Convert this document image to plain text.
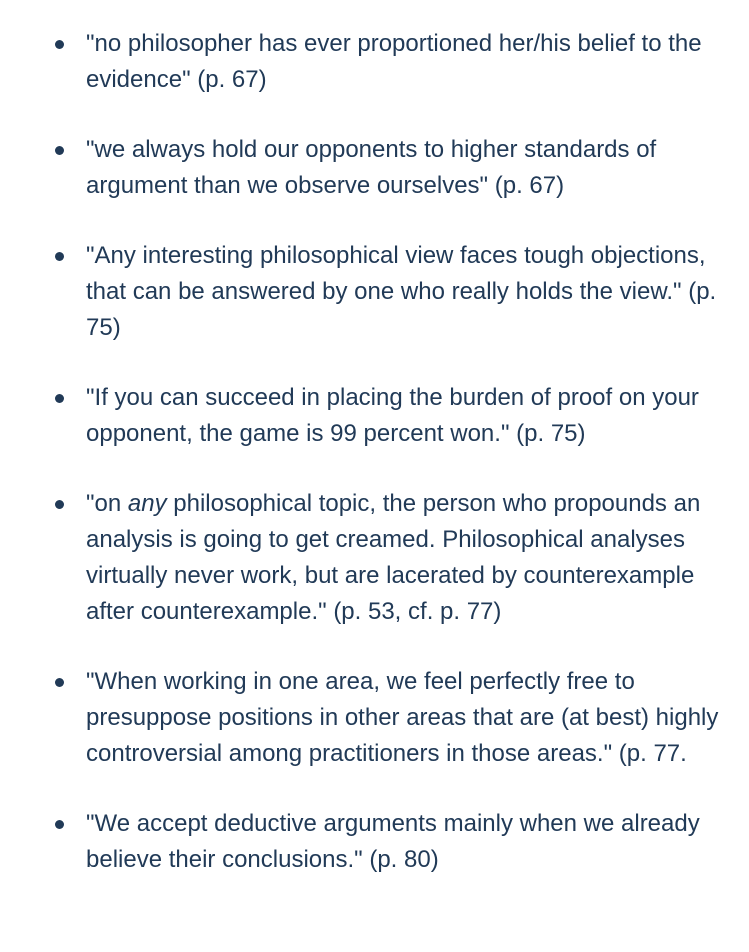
"no philosopher has ever proportioned her/his belief to the evidence" (p. 67)
"we always hold our opponents to higher standards of argument than we observe ourselves" (p. 67)
"Any interesting philosophical view faces tough objections, that can be answered by one who really holds the view." (p. 75)
"If you can succeed in placing the burden of proof on your opponent, the game is 99 percent won." (p. 75)
"on any philosophical topic, the person who propounds an analysis is going to get creamed. Philosophical analyses virtually never work, but are lacerated by counterexample after counterexample." (p. 53, cf. p. 77)
"When working in one area, we feel perfectly free to presuppose positions in other areas that are (at best) highly controversial among practitioners in those areas." (p. 77.
"We accept deductive arguments mainly when we already believe their conclusions." (p. 80)
